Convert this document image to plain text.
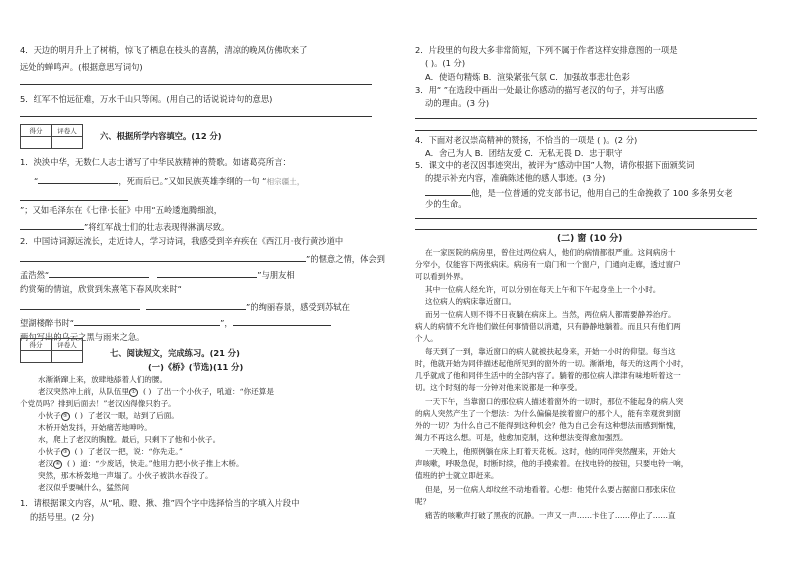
4．天边的明月升上了树梢，惊飞了栖息在枝头的喜鹊，清凉的晚风仿佛吹来了
远处的蝉鸣声。(根据意思写词句)
5．红军不怕远征难，万水千山只等闲。(用自己的话说说诗句的意思)
得分	评卷人
		六、根据所学内容填空。(12 分)
1．泱泱中华，无数仁人志士谱写了中华民族精神的赞歌。如诸葛亮所言：
“	，死而后已。”又如民族英雄李纲的一句 “相宗疆土，
”；又如毛泽东在《七律·长征》中用“五岭逶迤腾细浪，
”将红军战士们的壮志表现得淋漓尽致。
2．中国诗词源远流长，走近诗人，学习诗词，我感受到辛弃疾在《西江月·夜行黄沙道中
”的惬意之情，体会到
孟浩然“	”与朋友相
约赏菊的情谊，欣赏到朱熹笔下春风吹来时“
”的绚丽春景，感受到苏轼在
望湖楼醉书时“	”，
两句写出的乌云之黑与雨来之急。
得分	评卷人

七、阅读短文，完成练习。(21 分)
(一)《桥》(节选)(11 分)
水渐渐蹿上来，放肆地舔着人们的腰。
老汉突然冲上前，从队伍里 ① ( ) 了出一个小伙子，吼道：“你还算是
个党员吗？排到后面去！”老汉凶得像只豹子。
小伙子 ⑤ ( ) 了老汉一眼，站到了后面。
木桥开始发抖，开始痛苦地呻吟。
水，爬上了老汉的胸膛。最后，只剩下了他和小伙子。
小伙子 ③ ( ) 了老汉一把，说：“你先走。”
老汉 ④ ( ) 道：“少废话，快走。”他用力把小伙子推上木桥。
突然，那木桥轰地一声塌了。小伙子被洪水吞没了。
老汉似乎要喊什么，猛然间
1．请根据课文内容，从“吼、瞪、揪、推”四个字中选择恰当的字填入片段中
的括号里。(2 分)
2．片段里的句段大多非常简短，下列不属于作者这样安排意图的一项是
( )。(1 分)
A．使语句精炼 B．渲染紧张气氛 C．加强故事悲壮色彩
3．用“ ”在选段中画出一处最让你感动的描写老汉的句子，并写出感
动的理由。(3 分)
4．下面对老汉崇高精神的赞扬，不恰当的一项是 ( )。(2 分)
A．舍己为人 B．团结友爱 C．无私无畏 D．忠于职守
5．课文中的老汉因事迹突出，被评为“感动中国”人物，请你根据下面颁奖词
的提示补充内容，准确陈述他的感人事迹。(3 分)
他，是一位普通的党支部书记，他用自己的生命挽救了 100 多条男女老
少的生命。
(二) 窗 (10 分)
在一家医院的病房里，曾住过两位病人，他们的病情都很严重。这间病房十
分窄小，仅能容下两张病床。病房有一扇门和一个窗户，门通向走廊，透过窗户
可以看到外界。
其中一位病人经允许，可以分别在每天上午和下午起身坐上一个小时。
这位病人的病床靠近窗口。
而另一位病人则不得不日夜躺在病床上。当然，两位病人都需要静养治疗。
病人的病情不允许他们做任何事情借以消遣，只有静静地躺着。而且只有他们两
个人。
每天到了一到，靠近窗口的病人就被扶起身来，开始一小时的仰望。每当这
时，他就开始为同伴描述起他所见到的窗外的一切。渐渐地，每天的这两个小时，
几乎就成了他和同伴生活中的全部内容了。躺着的那位病人津津有味地听着这一
切。这个时刻的每一分钟对他来说都是一种享受。
一天下午，当靠窗口的那位病人描述着窗外的一切时，那位不能起身的病人突
的病人突然产生了一个想法：为什么偏偏是挨着窗户的那个人，能有幸观赏到窗
外的一切？为什么自己不能得到这种机会？他为自己会有这种想法而感到惭愧，
竭力不再这么想。可是，他愈加克制，这种想法变得愈加强烈。
一天晚上，他照例躺在床上盯着天花板。这时，他的同伴突然醒来，开始大
声咳嗽，呼吸急促，时断时续，他的手摸索着。在找电铃的按钮，只要电铃一响，
值班的护士就立即赶来。
但是，另一位病人却纹丝不动地看着。心想：他凭什么要占据窗口那张床位
呢？
痛苦的咳嗽声打破了黑夜的沉静。一声又一声……卡住了……停止了……直
